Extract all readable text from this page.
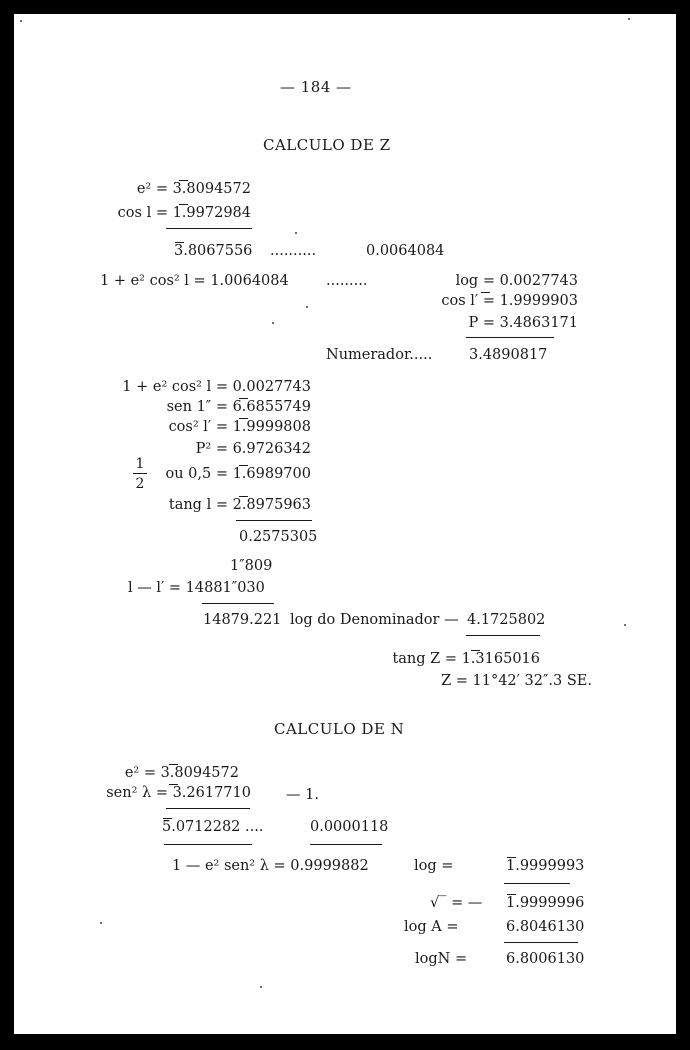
— 184 —
CALCULO DE Z
e² = 3.8094572
cos l = 1.9972984
3.8067556 ..........	0.0064084
1 + e² cos² l = 1.0064084	.........	log = 0.0027743
cos l′ = 1.9999903
P = 3.4863171
Numerador.....	3.4890817
1 + e² cos² l = 0.0027743
sen 1″ = 6.6855749
cos² l′ = 1.9999808
P² = 6.9726342
1
2
ou 0,5 = 1.6989700
tang l = 2.8975963
0.2575305
1″809
l — l′ = 14881″030
14879.221 log do Denominador — 4.1725802
tang Z = 1.3165016
Z = 11°42′ 32″.3 SE.
CALCULO DE N
e² = 3.8094572
sen² λ = 3.2617710 — 1.
5.0712282 ....	0.0000118
1 — e² sen² λ = 0.9999882	log =	1.9999993
√‾ = — 1.9999996
log A =	6.8046130
logN =	6.8006130
